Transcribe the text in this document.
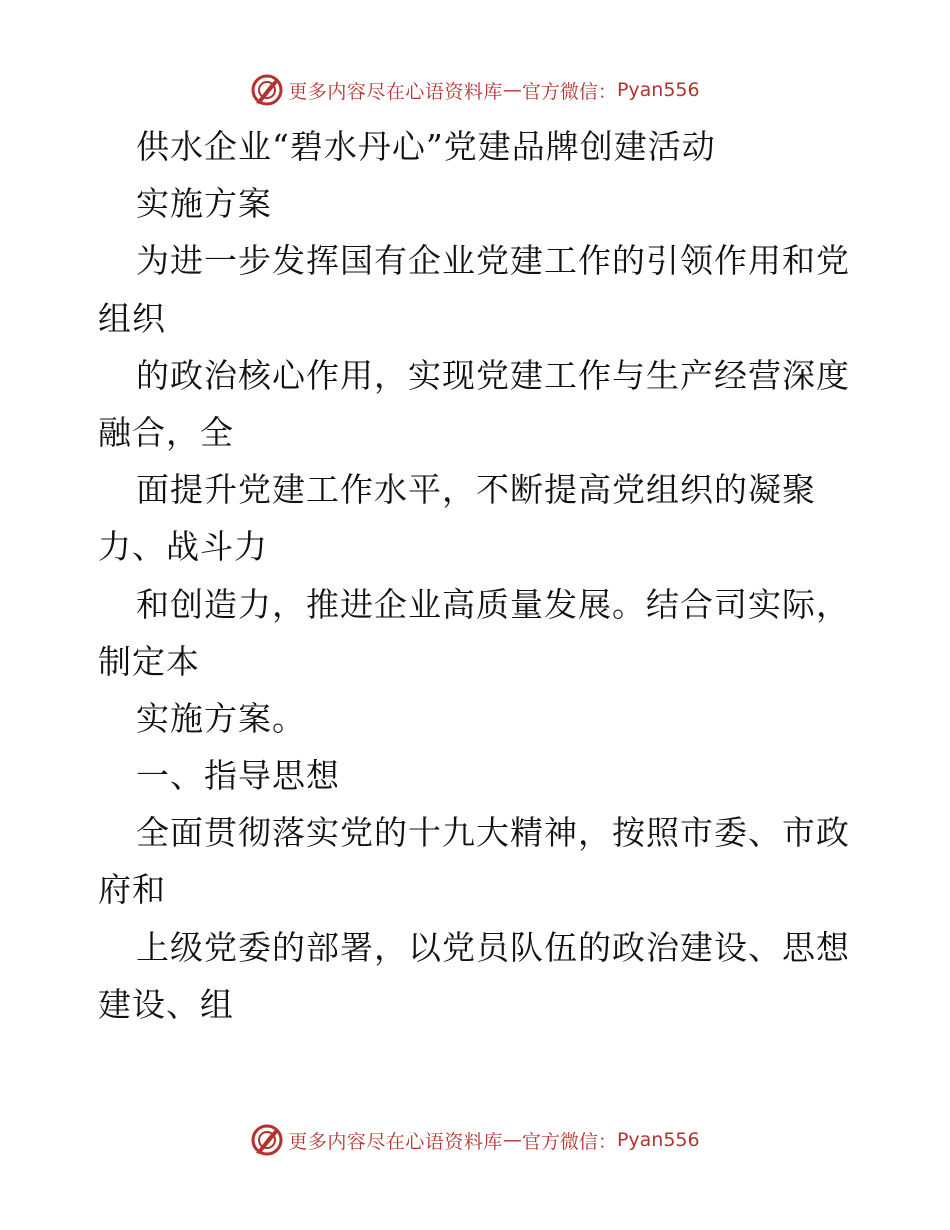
更多内容尽在心语资料库 — 官方微信： Pyan556
供水企业“碧水丹心”党建品牌创建活动
实施方案
为进一步发挥国有企业党建工作的引领作用和党
组织
的政治核心作用，实现党建工作与生产经营深度
融合，全
面提升党建工作水平，不断提高党组织的凝聚
力、战斗力
和创造力，推进企业高质量发展。结合司实际，
制定本
实施方案。
一、指导思想
全面贯彻落实党的十九大精神，按照市委、市政
府和
上级党委的部署，以党员队伍的政治建设、思想
建设、组
更多内容尽在心语资料库 — 官方微信： Pyan556
